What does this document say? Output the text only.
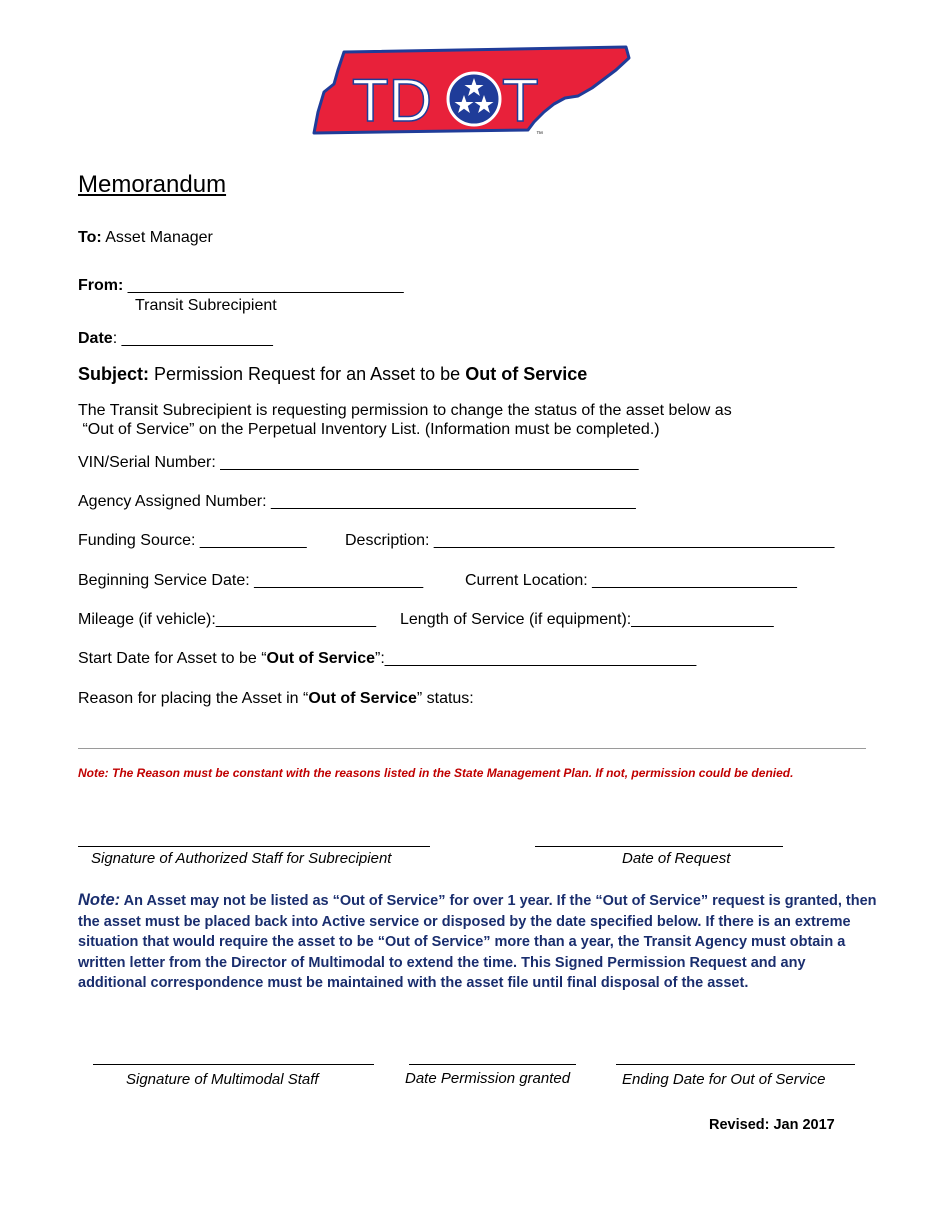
TD T
™
Memorandum
To: Asset Manager
From: _______________________________
Transit Subrecipient
Date: _________________
Subject: Permission Request for an Asset to be Out of Service
The Transit Subrecipient is requesting permission to change the status of the asset below as
“Out of Service” on the Perpetual Inventory List. (Information must be completed.)
VIN/Serial Number: _______________________________________________
Agency Assigned Number: _________________________________________
Funding Source: ____________ Description: _____________________________________________
Beginning Service Date: ___________________	Current Location: _______________________
Mileage (if vehicle):__________________ Length of Service (if equipment):________________
Start Date for Asset to be “Out of Service”:___________________________________
Reason for placing the Asset in “Out of Service” status:
Note: The Reason must be constant with the reasons listed in the State Management Plan. If not, permission could be denied.
Signature of Authorized Staff for Subrecipient	Date of Request
Note: An Asset may not be listed as “Out of Service” for over 1 year. If the “Out of Service” request is granted, then the asset must be placed back into Active service or disposed by the date specified below. If there is an extreme situation that would require the asset to be “Out of Service” more than a year, the Transit Agency must obtain a written letter from the Director of Multimodal to extend the time. This Signed Permission Request and any additional correspondence must be maintained with the asset file until final disposal of the asset.
Signature of Multimodal Staff	Date Permission granted	Ending Date for Out of Service
Revised: Jan 2017
